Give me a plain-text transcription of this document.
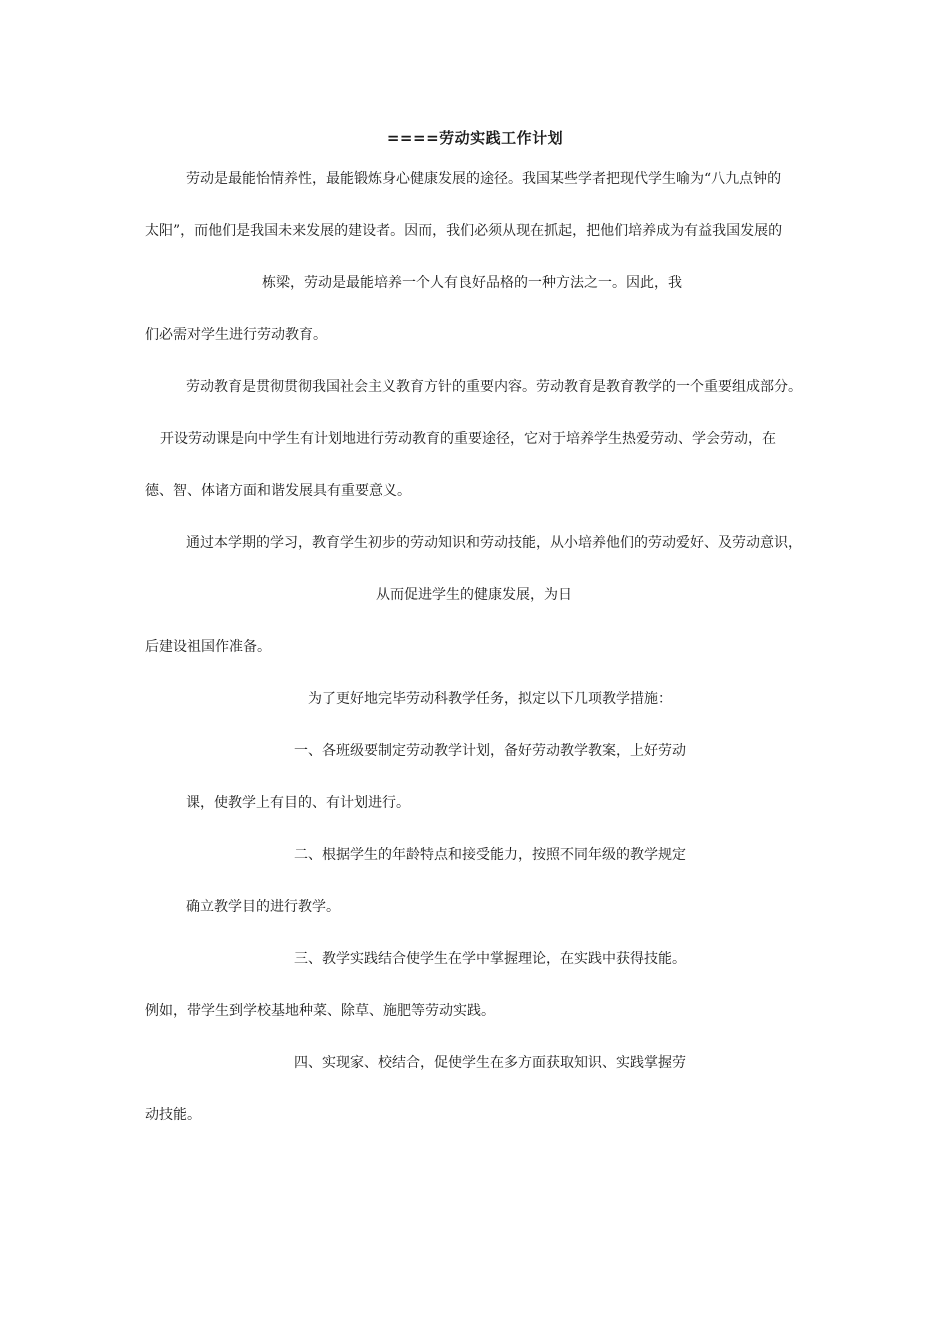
====劳动实践工作计划
劳动是最能怡情养性，最能锻炼身心健康发展的途径。我国某些学者把现代学生喻为“八九点钟的
太阳”，而他们是我国未来发展的建设者。因而，我们必须从现在抓起，把他们培养成为有益我国发展的
栋梁，劳动是最能培养一个人有良好品格的一种方法之一。因此，我
们必需对学生进行劳动教育。
劳动教育是贯彻贯彻我国社会主义教育方针的重要内容。劳动教育是教育教学的一个重要组成部分。
开设劳动课是向中学生有计划地进行劳动教育的重要途径，它对于培养学生热爱劳动、学会劳动，在
德、智、体诸方面和谐发展具有重要意义。
通过本学期的学习，教育学生初步的劳动知识和劳动技能，从小培养他们的劳动爱好、及劳动意识，
从而促进学生的健康发展，为日
后建设祖国作准备。
为了更好地完毕劳动科教学任务，拟定以下几项教学措施：
一、各班级要制定劳动教学计划，备好劳动教学教案，上好劳动
课，使教学上有目的、有计划进行。
二、根据学生的年龄特点和接受能力，按照不同年级的教学规定
确立教学目的进行教学。
三、教学实践结合使学生在学中掌握理论，在实践中获得技能。
例如，带学生到学校基地种菜、除草、施肥等劳动实践。
四、实现家、校结合，促使学生在多方面获取知识、实践掌握劳
动技能。
